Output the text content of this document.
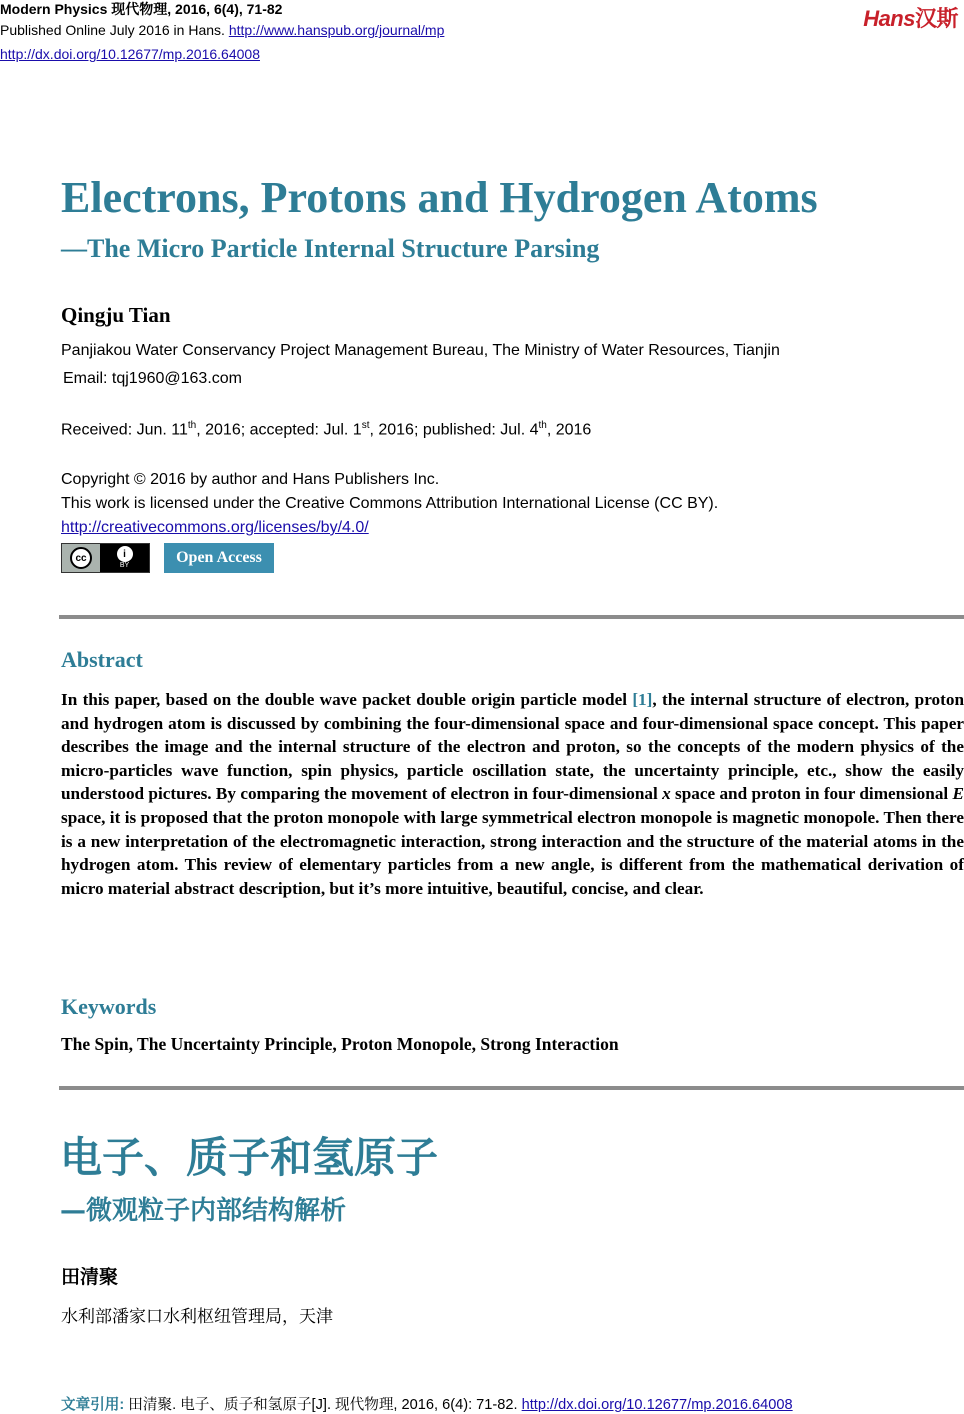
Modern Physics 现代物理, 2016, 6(4), 71-82
Published Online July 2016 in Hans. http://www.hanspub.org/journal/mp
http://dx.doi.org/10.12677/mp.2016.64008
Hans汉斯
Electrons, Protons and Hydrogen Atoms
—The Micro Particle Internal Structure Parsing
Qingju Tian
Panjiakou Water Conservancy Project Management Bureau, The Ministry of Water Resources, Tianjin
Email: tqj1960@163.com
Received: Jun. 11th, 2016; accepted: Jul. 1st, 2016; published: Jul. 4th, 2016
Copyright © 2016 by author and Hans Publishers Inc.
This work is licensed under the Creative Commons Attribution International License (CC BY).
http://creativecommons.org/licenses/by/4.0/
cc	i
BY	Open Access
Abstract
In this paper, based on the double wave packet double origin particle model [1], the internal structure of electron, proton and hydrogen atom is discussed by combining the four-dimensional space and four-dimensional space concept. This paper describes the image and the internal structure of the electron and proton, so the concepts of the modern physics of the micro-particles wave function, spin physics, particle oscillation state, the uncertainty principle, etc., show the easily understood pictures. By comparing the movement of electron in four-dimensional x space and proton in four dimensional E space, it is proposed that the proton monopole with large symmetrical electron monopole is magnetic monopole. Then there is a new interpretation of the electromagnetic interaction, strong interaction and the structure of the material atoms in the hydrogen atom. This review of elementary particles from a new angle, is different from the mathematical derivation of micro material abstract description, but it’s more intuitive, beautiful, concise, and clear.
Keywords
The Spin, The Uncertainty Principle, Proton Monopole, Strong Interaction
电子、质子和氢原子
—微观粒子内部结构解析
田清聚
水利部潘家口水利枢纽管理局，天津
文章引用: 田清聚. 电子、质子和氢原子[J]. 现代物理, 2016, 6(4): 71-82. http://dx.doi.org/10.12677/mp.2016.64008
